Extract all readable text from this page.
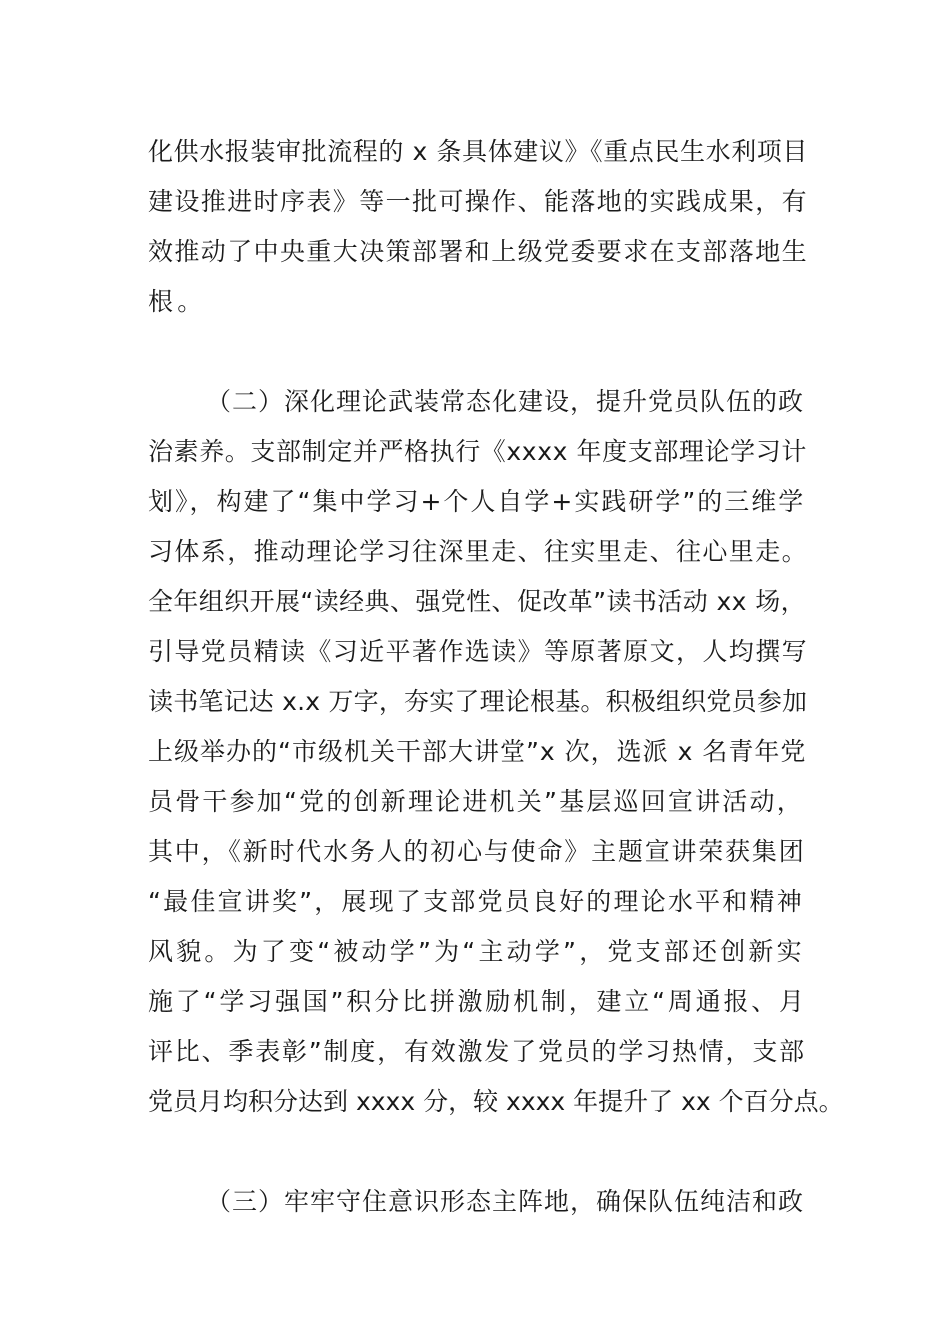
化供水报装审批流程的 x 条具体建议》《重点民生水利项目
建设推进时序表》等一批可操作、能落地的实践成果，有
效推动了中央重大决策部署和上级党委要求在支部落地生
根。
（二）深化理论武装常态化建设，提升党员队伍的政
治素养。支部制定并严格执行《xxxx 年度支部理论学习计
划》，构建了“集中学习+个人自学+实践研学”的三维学
习体系，推动理论学习往深里走、往实里走、往心里走。
全年组织开展“读经典、强党性、促改革”读书活动 xx 场，
引导党员精读《习近平著作选读》等原著原文，人均撰写
读书笔记达 x.x 万字，夯实了理论根基。积极组织党员参加
上级举办的“市级机关干部大讲堂”x 次，选派 x 名青年党
员骨干参加“党的创新理论进机关”基层巡回宣讲活动，
其中，《新时代水务人的初心与使命》主题宣讲荣获集团
“最佳宣讲奖”，展现了支部党员良好的理论水平和精神
风貌。为了变“被动学”为“主动学”，党支部还创新实
施了“学习强国”积分比拼激励机制，建立“周通报、月
评比、季表彰”制度，有效激发了党员的学习热情，支部
党员月均积分达到 xxxx 分，较 xxxx 年提升了 xx 个百分点。
（三）牢牢守住意识形态主阵地，确保队伍纯洁和政
